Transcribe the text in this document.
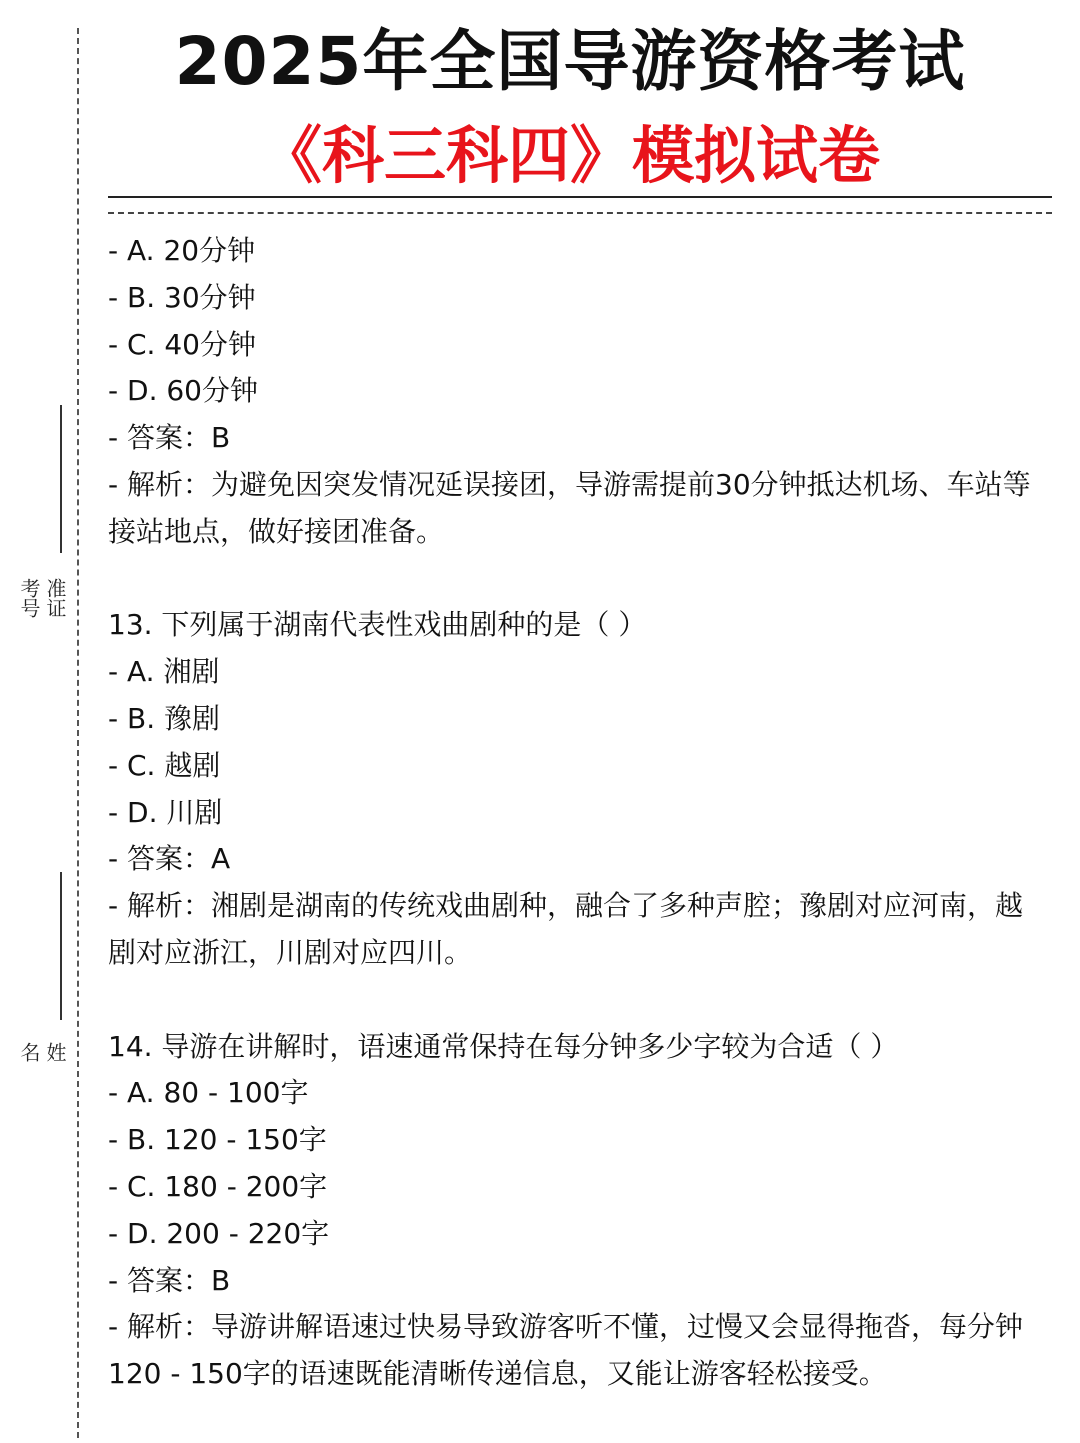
准证
考号
姓
名
2025年全国导游资格考试
《科三科四》模拟试卷
- A. 20分钟
- B. 30分钟
- C. 40分钟
- D. 60分钟
- 答案：B
- 解析：为避免因突发情况延误接团，导游需提前30分钟抵达机场、车站等接站地点，做好接团准备。
13. 下列属于湖南代表性戏曲剧种的是（ ）
- A. 湘剧
- B. 豫剧
- C. 越剧
- D. 川剧
- 答案：A
- 解析：湘剧是湖南的传统戏曲剧种，融合了多种声腔；豫剧对应河南，越剧对应浙江，川剧对应四川。
14. 导游在讲解时，语速通常保持在每分钟多少字较为合适（ ）
- A. 80 - 100字
- B. 120 - 150字
- C. 180 - 200字
- D. 200 - 220字
- 答案：B
- 解析：导游讲解语速过快易导致游客听不懂，过慢又会显得拖沓，每分钟120 - 150字的语速既能清晰传递信息，又能让游客轻松接受。
